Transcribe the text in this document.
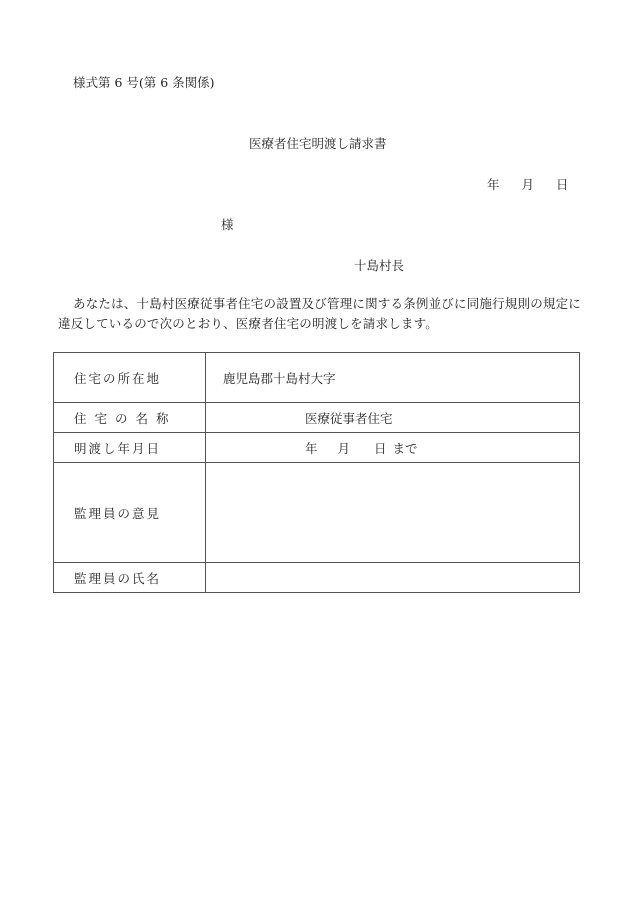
様式第 6 号(第 6 条関係)
医療者住宅明渡し請求書
年 月 日
様
十島村長
あなたは、十島村医療従事者住宅の設置及び管理に関する条例並びに同施行規則の規定に違反しているので次のとおり、医療者住宅の明渡しを請求します。
住宅の所在地	鹿児島郡十島村大字
住宅の名称	医療従事者住宅
明渡し年月日	年 月 日 まで
監理員の意見	
監理員の氏名	
